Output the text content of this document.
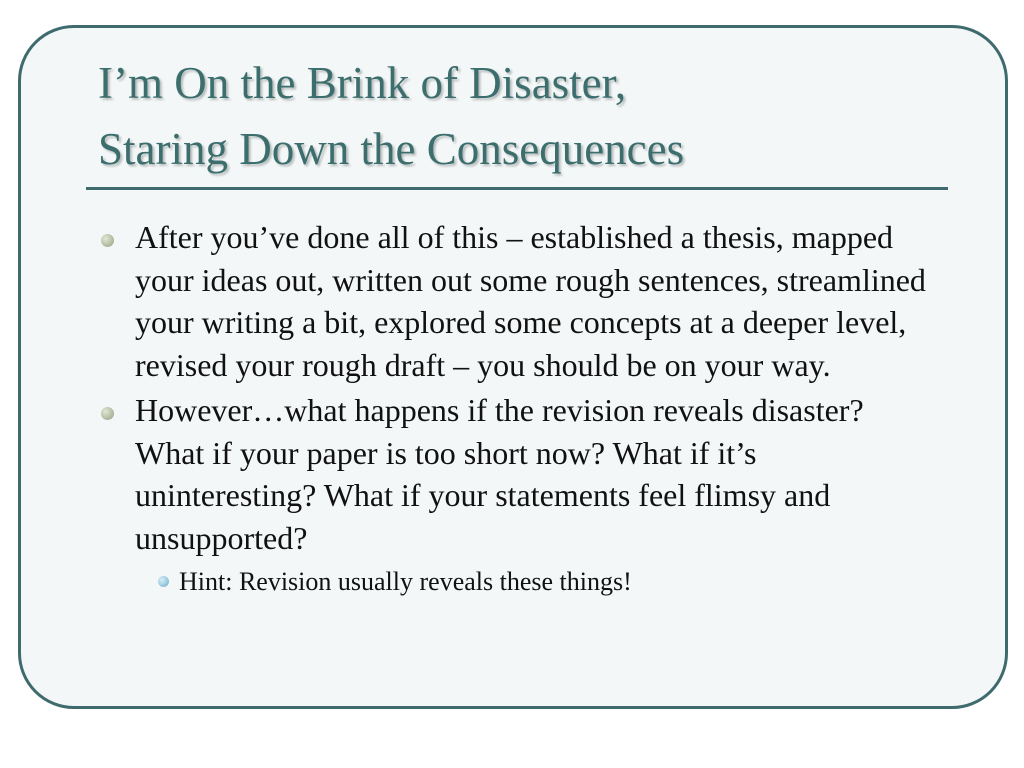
I’m On the Brink of Disaster,
Staring Down the Consequences
After you’ve done all of this – established a thesis, mapped your ideas out, written out some rough sentences, streamlined your writing a bit, explored some concepts at a deeper level, revised your rough draft – you should be on your way.
However…what happens if the revision reveals disaster? What if your paper is too short now? What if it’s uninteresting? What if your statements feel flimsy and unsupported?
Hint: Revision usually reveals these things!
